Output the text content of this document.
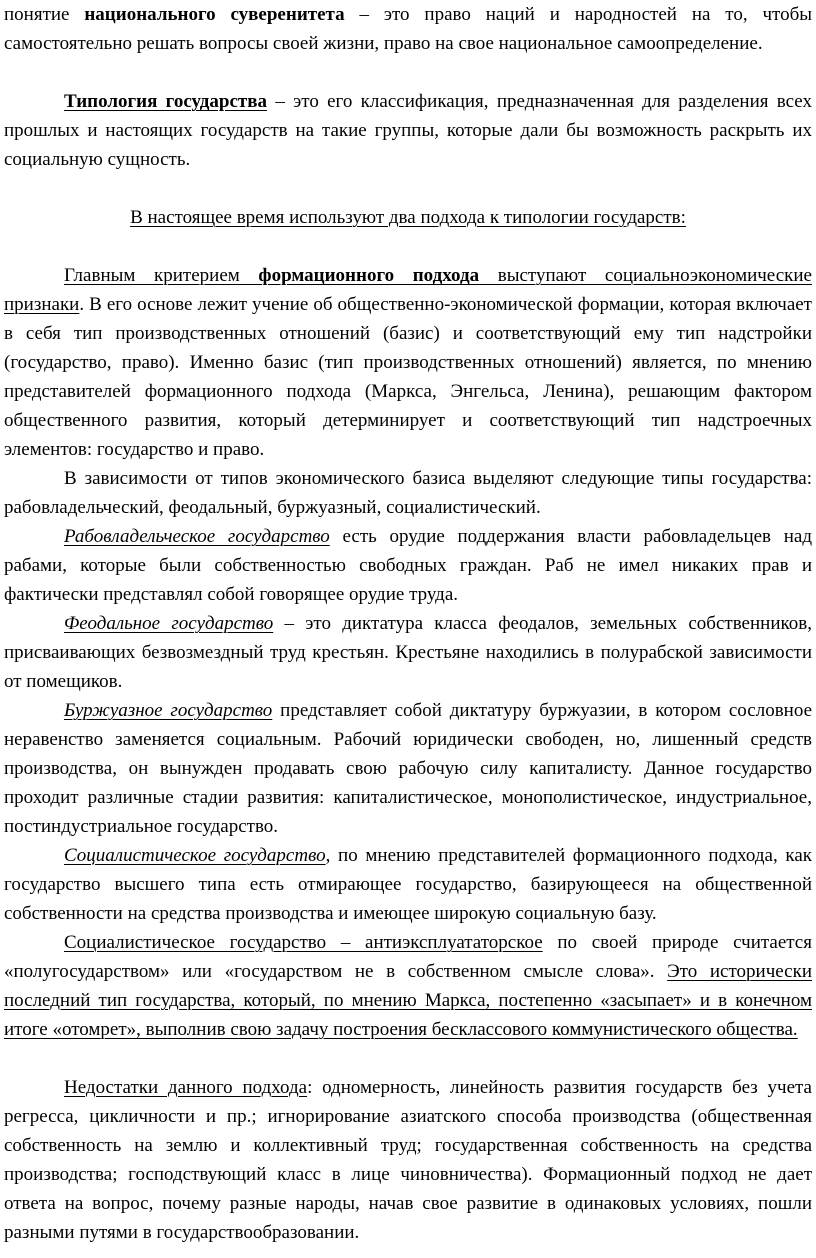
понятие национального суверенитета – это право наций и народностей на то, чтобы самостоятельно решать вопросы своей жизни, право на свое национальное самоопределение.

Типология государства – это его классификация, предназначенная для разделения всех прошлых и настоящих государств на такие группы, которые дали бы возможность раскрыть их социальную сущность.

В настоящее время используют два подхода к типологии государств:

Главным критерием формационного подхода выступают социальноэкономические признаки. В его основе лежит учение об общественно-экономической формации, которая включает в себя тип производственных отношений (базис) и соответствующий ему тип надстройки (государство, право). Именно базис (тип производственных отношений) является, по мнению представителей формационного подхода (Маркса, Энгельса, Ленина), решающим фактором общественного развития, который детерминирует и соответствующий тип надстроечных элементов: государство и право.

В зависимости от типов экономического базиса выделяют следующие типы государства: рабовладельческий, феодальный, буржуазный, социалистический.

Рабовладельческое государство есть орудие поддержания власти рабовладельцев над рабами, которые были собственностью свободных граждан. Раб не имел никаких прав и фактически представлял собой говорящее орудие труда.

Феодальное государство – это диктатура класса феодалов, земельных собственников, присваивающих безвозмездный труд крестьян. Крестьяне находились в полурабской зависимости от помещиков.

Буржуазное государство представляет собой диктатуру буржуазии, в котором сословное неравенство заменяется социальным. Рабочий юридически свободен, но, лишенный средств производства, он вынужден продавать свою рабочую силу капиталисту. Данное государство проходит различные стадии развития: капиталистическое, монополистическое, индустриальное, постиндустриальное государство.

Социалистическое государство, по мнению представителей формационного подхода, как государство высшего типа есть отмирающее государство, базирующееся на общественной собственности на средства производства и имеющее широкую социальную базу.

Социалистическое государство – антиэксплуататорское по своей природе считается «полугосударством» или «государством не в собственном смысле слова». Это исторически последний тип государства, который, по мнению Маркса, постепенно «засыпает» и в конечном итоге «отомрет», выполнив свою задачу построения бесклассового коммунистического общества.

Недостатки данного подхода: одномерность, линейность развития государств без учета регресса, цикличности и пр.; игнорирование азиатского способа производства (общественная собственность на землю и коллективный труд; государственная собственность на средства производства; господствующий класс в лице чиновничества). Формационный подход не дает ответа на вопрос, почему разные народы, начав свое развитие в одинаковых условиях, пошли разными путями в государствообразовании.
